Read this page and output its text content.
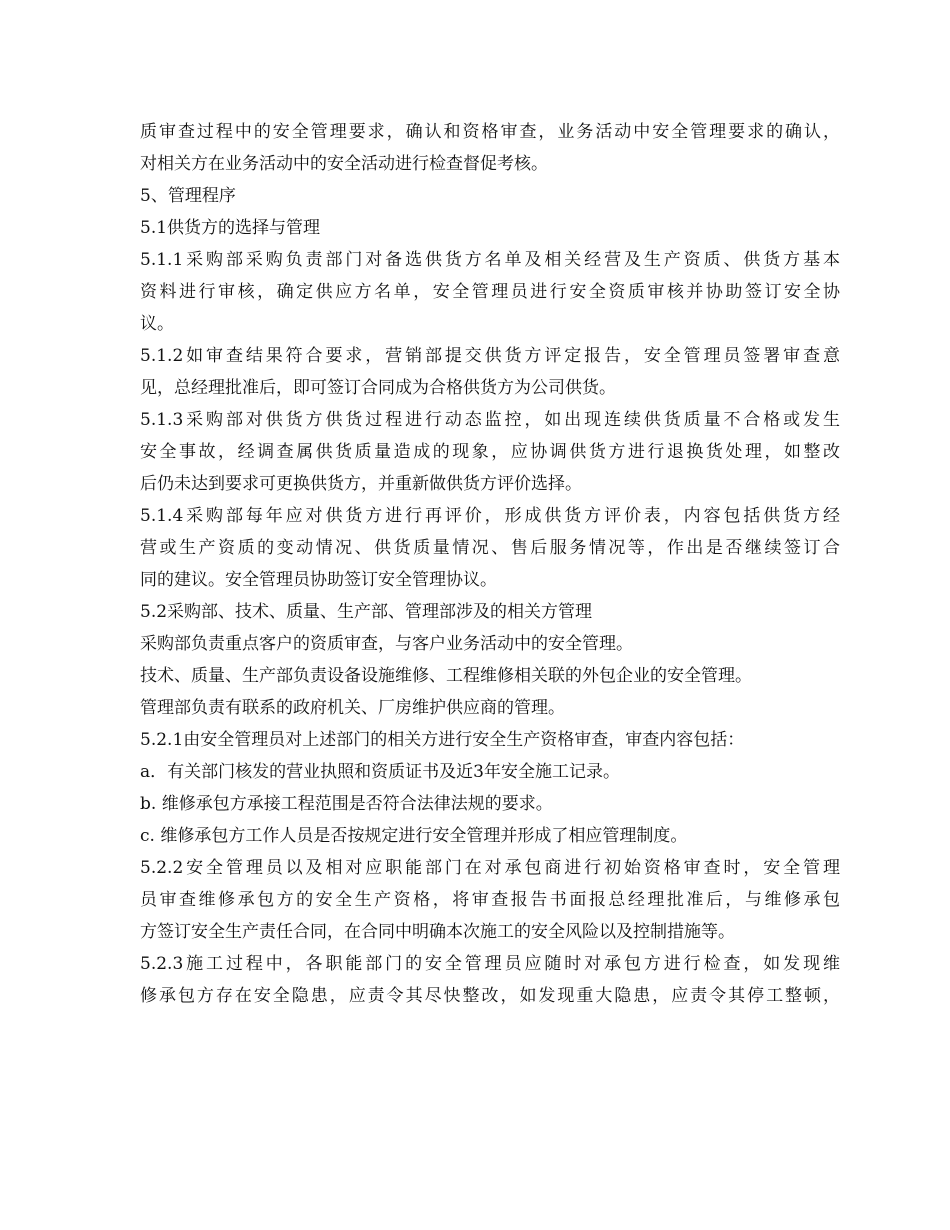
质审查过程中的安全管理要求，确认和资格审查，业务活动中安全管理要求的确认，
对相关方在业务活动中的安全活动进行检查督促考核。
5、管理程序
5.1供货方的选择与管理
5.1.1采购部采购负责部门对备选供货方名单及相关经营及生产资质、供货方基本
资料进行审核，确定供应方名单，安全管理员进行安全资质审核并协助签订安全协
议。
5.1.2如审查结果符合要求，营销部提交供货方评定报告，安全管理员签署审查意
见，总经理批准后，即可签订合同成为合格供货方为公司供货。
5.1.3采购部对供货方供货过程进行动态监控，如出现连续供货质量不合格或发生
安全事故，经调查属供货质量造成的现象，应协调供货方进行退换货处理，如整改
后仍未达到要求可更换供货方，并重新做供货方评价选择。
5.1.4采购部每年应对供货方进行再评价，形成供货方评价表，内容包括供货方经
营或生产资质的变动情况、供货质量情况、售后服务情况等，作出是否继续签订合
同的建议。安全管理员协助签订安全管理协议。
5.2采购部、技术、质量、生产部、管理部涉及的相关方管理
采购部负责重点客户的资质审查，与客户业务活动中的安全管理。
技术、质量、生产部负责设备设施维修、工程维修相关联的外包企业的安全管理。
管理部负责有联系的政府机关、厂房维护供应商的管理。
5.2.1由安全管理员对上述部门的相关方进行安全生产资格审查，审查内容包括：
a．有关部门核发的营业执照和资质证书及近3年安全施工记录。
b. 维修承包方承接工程范围是否符合法律法规的要求。
c. 维修承包方工作人员是否按规定进行安全管理并形成了相应管理制度。
5.2.2安全管理员以及相对应职能部门在对承包商进行初始资格审查时，安全管理
员审查维修承包方的安全生产资格，将审查报告书面报总经理批准后，与维修承包
方签订安全生产责任合同，在合同中明确本次施工的安全风险以及控制措施等。
5.2.3施工过程中，各职能部门的安全管理员应随时对承包方进行检查，如发现维
修承包方存在安全隐患，应责令其尽快整改，如发现重大隐患，应责令其停工整顿，
